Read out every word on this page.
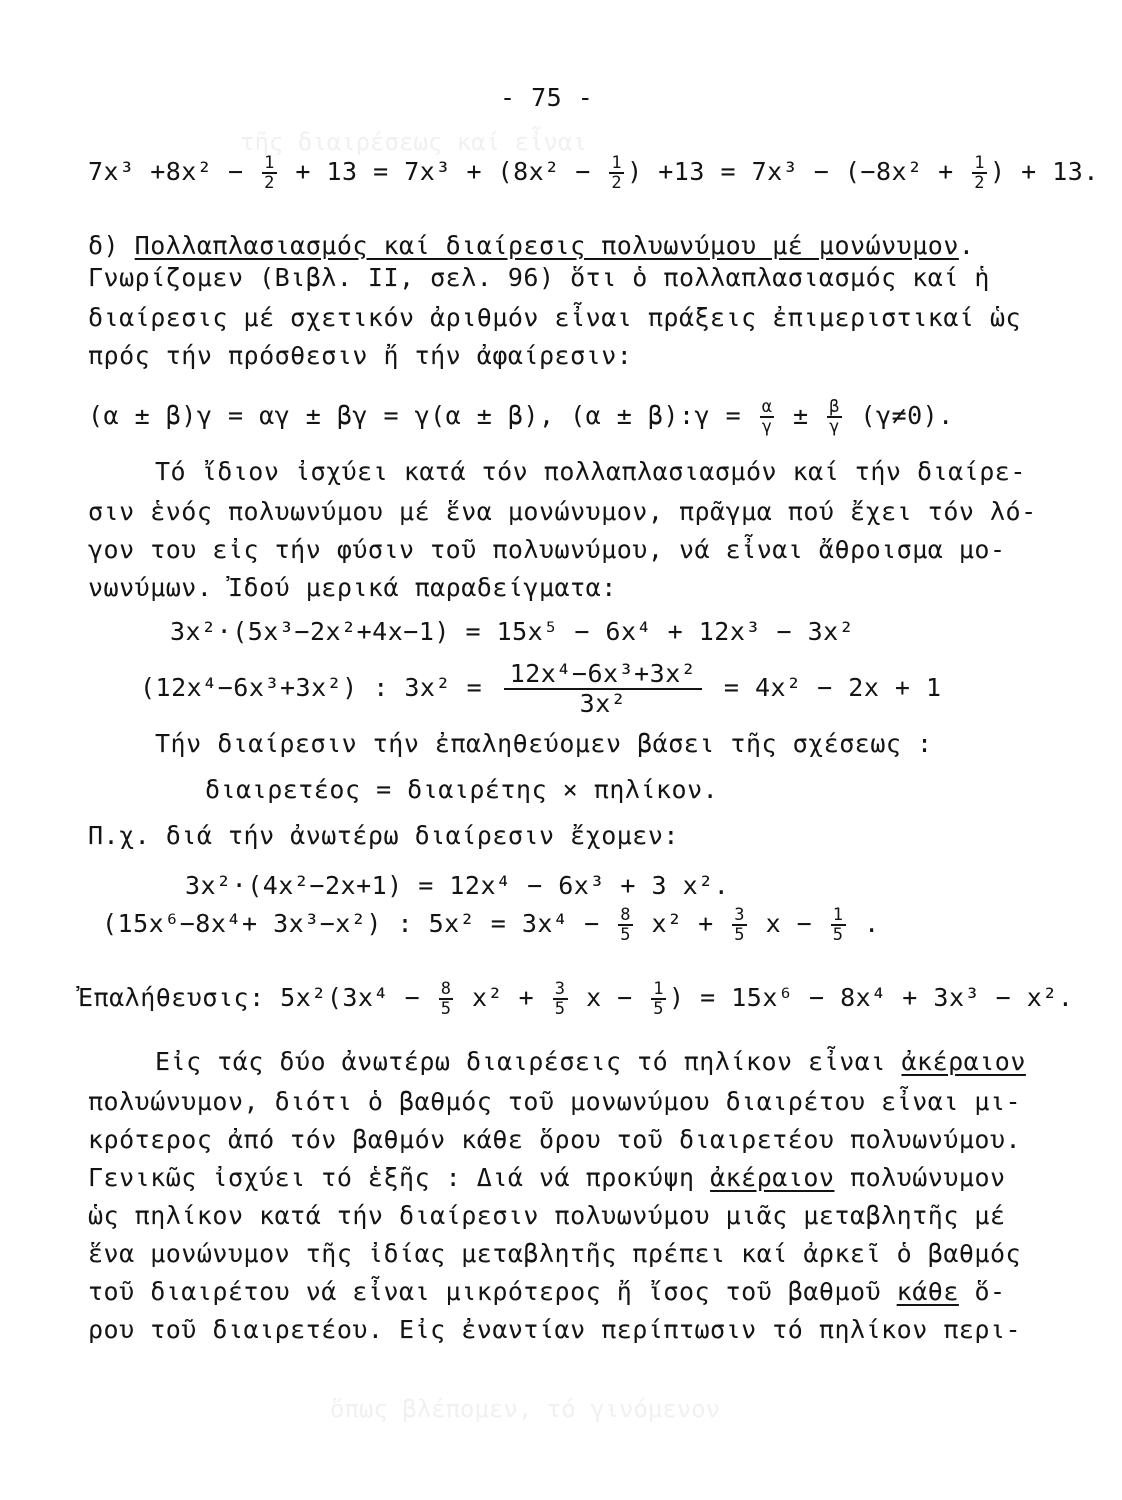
τῆς διαιρέσεως καί εἶναι
ὅπως βλέπομεν, τό γινόμενον
- 75 -
$7x^3 +8x^2 - \frac{1}{2} + 13 = 7x^3 + (8x^2 - \frac{1}{2}$ ) $+13 = 7x^3 - (-8x^2 + \frac{1}{2}$ ) + 13.
δ) Πολλαπλασιασμός καί διαίρεσις πολυωνύμου μέ μονώνυμον.
Γνωρίζομεν (Βιβλ. ΙΙ, σελ. 96) ὅτι ὁ πολλαπλασιασμός καί ἡ
διαίρεσις μέ σχετικόν ἀριθμόν εἶναι πράξεις ἐπιμεριστικαί ὡς
πρός τήν πρόσθεσιν ἤ τήν ἀφαίρεσιν:
(α ± β)γ = αγ ± βγ = γ(α ± β), (α ± β):γ = $\frac{\alpha}{\gamma} \pm \frac{\beta}{\gamma} (\gamma\ne 0)$.
Τό ἴδιον ἰσχύει κατά τόν πολλαπλασιασμόν καί τήν διαίρε-
σιν ἑνός πολυωνύμου μέ ἕνα μονώνυμον, πρᾶγμα πού ἔχει τόν λό-
γον του εἰς τήν φύσιν τοῦ πολυωνύμου, νά εἶναι ἄθροισμα μο-
νωνύμων. Ἰδού μερικά παραδείγματα:
3x²·(5x³−2x²+4x−1) = 15x⁵ − 6x⁴ + 12x³ − 3x²
(12x⁴−6x³+3x²) : $3x^2 = \frac{\text{12x⁴−6x³+3x²}}{\text{3x²}} = 4x^2 - 2x + 1$
Τήν διαίρεσιν τήν ἐπαληθεύομεν βάσει τῆς σχέσεως :
διαιρετέος = διαιρέτης × πηλίκον.
Π.χ. διά τήν ἀνωτέρω διαίρεσιν ἔχομεν:
3x²·(4x²−2x+1) = 12x⁴ − 6x³ + 3 x².
(15x⁶−8x⁴+ 3x³−x²) : $5x^2 = 3x^4 - \frac{8}{5} x^2 + \frac{3}{5}$ $x - \frac{1}{5}$ .
Ἐπαλήθευσις: $5x^2(3x^4 - \frac{8}{5} x^2 + \frac{3}{5}$ $x - \frac{1}{5}$ ) = 15x⁶ − 8x⁴ + 3x³ − x².
Εἰς τάς δύο ἀνωτέρω διαιρέσεις τό πηλίκον εἶναι ἀκέραιον
πολυώνυμον, διότι ὁ βαθμός τοῦ μονωνύμου διαιρέτου εἶναι μι-
κρότερος ἀπό τόν βαθμόν κάθε ὅρου τοῦ διαιρετέου πολυωνύμου.
Γενικῶς ἰσχύει τό ἑξῆς : Διά νά προκύψη ἀκέραιον πολυώνυμον
ὡς πηλίκον κατά τήν διαίρεσιν πολυωνύμου μιᾶς μεταβλητῆς μέ
ἕνα μονώνυμον τῆς ἰδίας μεταβλητῆς πρέπει καί ἀρκεῖ ὁ βαθμός
τοῦ διαιρέτου νά εἶναι μικρότερος ἤ ἴσος τοῦ βαθμοῦ κάθε ὅ-
ρου τοῦ διαιρετέου. Εἰς ἐναντίαν περίπτωσιν τό πηλίκον περι-
